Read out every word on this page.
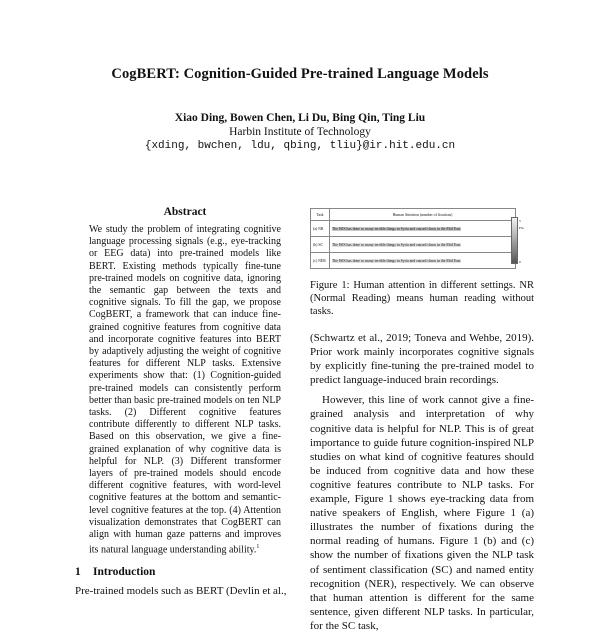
CogBERT: Cognition-Guided Pre-trained Language Models
Xiao Ding, Bowen Chen, Li Du, Bing Qin, Ting Liu
Harbin Institute of Technology
{xding, bwchen, ldu, qbing, tliu}@ir.hit.edu.cn
Abstract
We study the problem of integrating cognitive language processing signals (e.g., eye-tracking or EEG data) into pre-trained models like BERT. Existing methods typically fine-tune pre-trained models on cognitive data, ignoring the semantic gap between the texts and cognitive signals. To fill the gap, we propose CogBERT, a framework that can induce fine-grained cognitive features from cognitive data and incorporate cognitive features into BERT by adaptively adjusting the weight of cognitive features for different NLP tasks. Extensive experiments show that: (1) Cognition-guided pre-trained models can consistently perform better than basic pre-trained models on ten NLP tasks. (2) Different cognitive features contribute differently to different NLP tasks. Based on this observation, we give a fine-grained explanation of why cognitive data is helpful for NLP. (3) Different transformer layers of pre-trained models should encode different cognitive features, with word-level cognitive features at the bottom and semantic-level cognitive features at the top. (4) Attention visualization demonstrates that CogBERT can align with human gaze patterns and improves its natural language understanding ability.$^1$
1 Introduction
Pre-trained models such as BERT (Devlin et al.,
Task	Human Attention (number of fixations)
(a) NR	The ISIS has done so many terrible things in Syria and caused chaos in the Mid East.
(b) SC	The ISIS has done so many terrible things in Syria and caused chaos in the Mid East.
(c) NER	The ISIS has done so many terrible things in Syria and caused chaos in the Mid East.
5
Fix.
0
Figure 1: Human attention in different settings. NR (Normal Reading) means human reading without tasks.

(Schwartz et al., 2019; Toneva and Wehbe, 2019). Prior work mainly incorporates cognitive signals by explicitly fine-tuning the pre-trained model to predict language-induced brain recordings.

However, this line of work cannot give a fine-grained analysis and interpretation of why cognitive data is helpful for NLP. This is of great importance to guide future cognition-inspired NLP studies on what kind of cognitive features should be induced from cognitive data and how these cognitive features contribute to NLP tasks. For example, Figure 1 shows eye-tracking data from native speakers of English, where Figure 1 (a) illustrates the number of fixations during the normal reading of humans. Figure 1 (b) and (c) show the number of fixations given the NLP task of sentiment classification (SC) and named entity recognition (NER), respectively. We can observe that human attention is different for the same sentence, given different NLP tasks. In particular, for the SC task,
